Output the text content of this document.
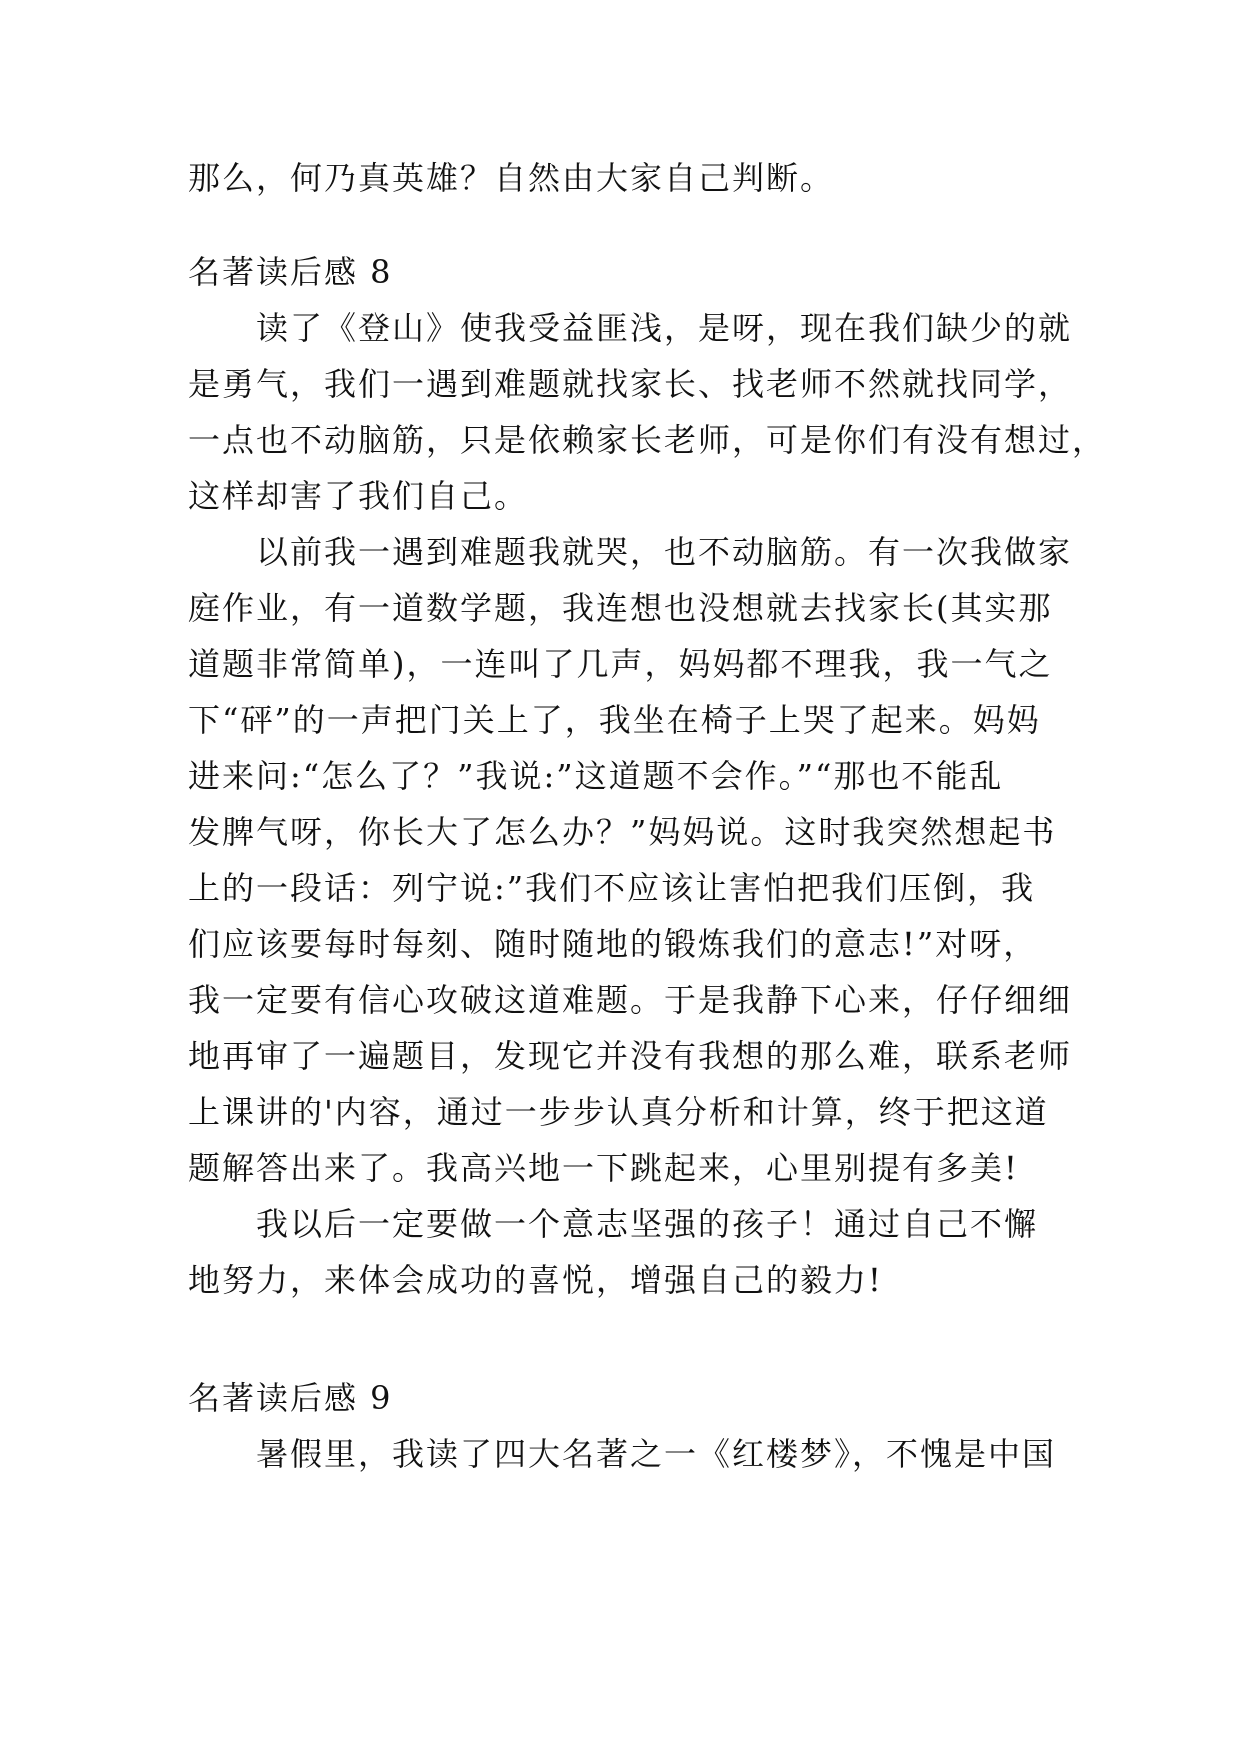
那么，何乃真英雄？自然由大家自己判断。
名著读后感 8
读了《登山》使我受益匪浅，是呀，现在我们缺少的就
是勇气，我们一遇到难题就找家长、找老师不然就找同学，
一点也不动脑筋，只是依赖家长老师，可是你们有没有想过，
这样却害了我们自己。
以前我一遇到难题我就哭，也不动脑筋。有一次我做家
庭作业，有一道数学题，我连想也没想就去找家长(其实那
道题非常简单)，一连叫了几声，妈妈都不理我，我一气之
下“砰”的一声把门关上了，我坐在椅子上哭了起来。妈妈
进来问:“怎么了？”我说:”这道题不会作。”“那也不能乱
发脾气呀，你长大了怎么办？”妈妈说。这时我突然想起书
上的一段话：列宁说:”我们不应该让害怕把我们压倒，我
们应该要每时每刻、随时随地的锻炼我们的意志!”对呀，
我一定要有信心攻破这道难题。于是我静下心来，仔仔细细
地再审了一遍题目，发现它并没有我想的那么难，联系老师
上课讲的'内容，通过一步步认真分析和计算，终于把这道
题解答出来了。我高兴地一下跳起来，心里别提有多美!
我以后一定要做一个意志坚强的孩子！通过自己不懈
地努力，来体会成功的喜悦，增强自己的毅力!
名著读后感 9
暑假里，我读了四大名著之一《红楼梦》，不愧是中国
